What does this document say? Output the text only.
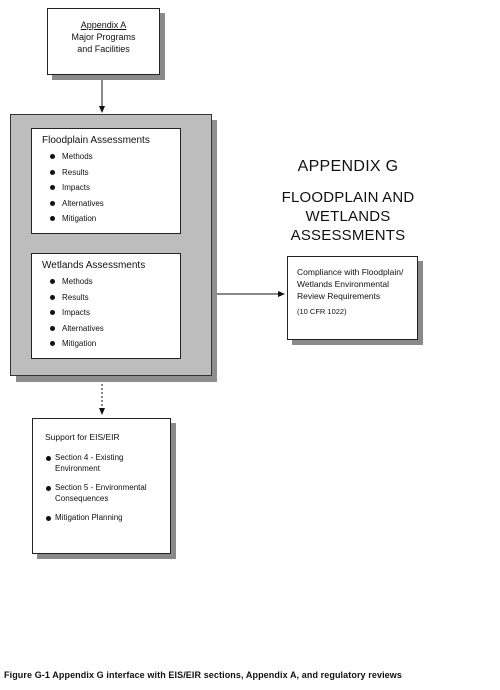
Appendix A
Major Programs
and Facilities
Floodplain Assessments
Methods
Results
Impacts
Alternatives
Mitigation
Wetlands Assessments
Methods
Results
Impacts
Alternatives
Mitigation
APPENDIX G
FLOODPLAIN AND WETLANDS
ASSESSMENTS
Compliance with Floodplain/
Wetlands Environmental
Review Requirements
(10 CFR 1022)
Support for EIS/EIR
Section 4 - Existing
Environment
Section 5 - Environmental
Consequences
Mitigation Planning
Figure G-1 Appendix G interface with EIS/EIR sections, Appendix A, and regulatory reviews
